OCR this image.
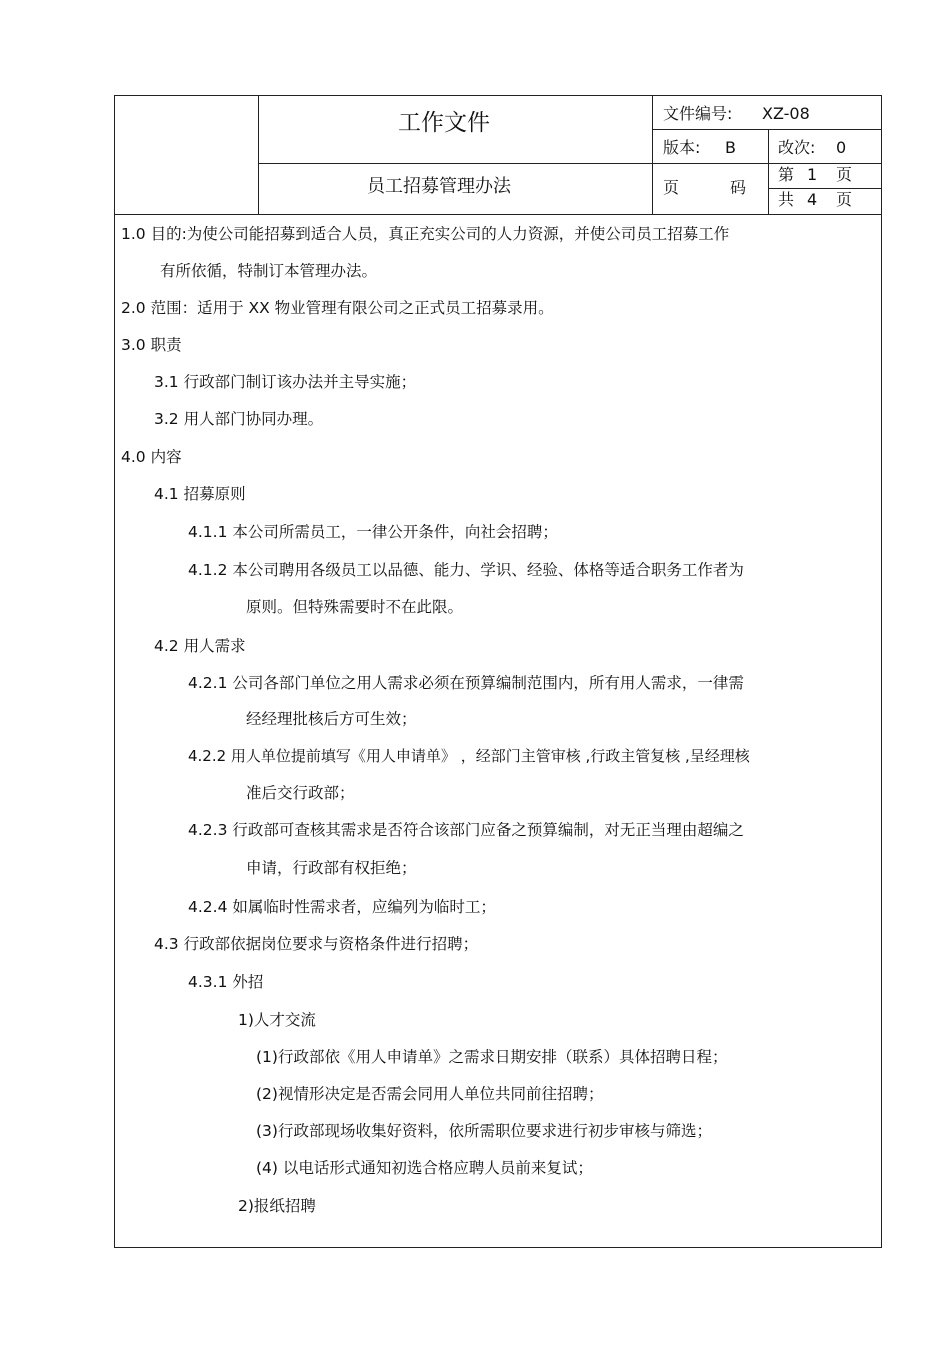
工作文件
员工招募管理办法
文件编号: XZ-08
版本: B	改次: 0
页	码
第 1 页
共 4 页
1.0 目的:为使公司能招募到适合人员，真正充实公司的人力资源，并使公司员工招募工作
有所依循，特制订本管理办法。
2.0 范围：适用于 XX 物业管理有限公司之正式员工招募录用。
3.0 职责
3.1 行政部门制订该办法并主导实施；
3.2 用人部门协同办理。
4.0 内容
4.1 招募原则
4.1.1 本公司所需员工，一律公开条件，向社会招聘；
4.1.2 本公司聘用各级员工以品德、能力、学识、经验、体格等适合职务工作者为
原则。但特殊需要时不在此限。
4.2 用人需求
4.2.1 公司各部门单位之用人需求必须在预算编制范围内，所有用人需求，一律需
经经理批核后方可生效；
4.2.2 用人单位提前填写《用人申请单》 ，经部门主管审核 ,行政主管复核 ,呈经理核
准后交行政部；
4.2.3 行政部可查核其需求是否符合该部门应备之预算编制，对无正当理由超编之
申请，行政部有权拒绝；
4.2.4 如属临时性需求者，应编列为临时工；
4.3 行政部依据岗位要求与资格条件进行招聘；
4.3.1 外招
1)人才交流
(1)行政部依《用人申请单》之需求日期安排（联系）具体招聘日程；
(2)视情形决定是否需会同用人单位共同前往招聘；
(3)行政部现场收集好资料，依所需职位要求进行初步审核与筛选；
(4) 以电话形式通知初选合格应聘人员前来复试；
2)报纸招聘
